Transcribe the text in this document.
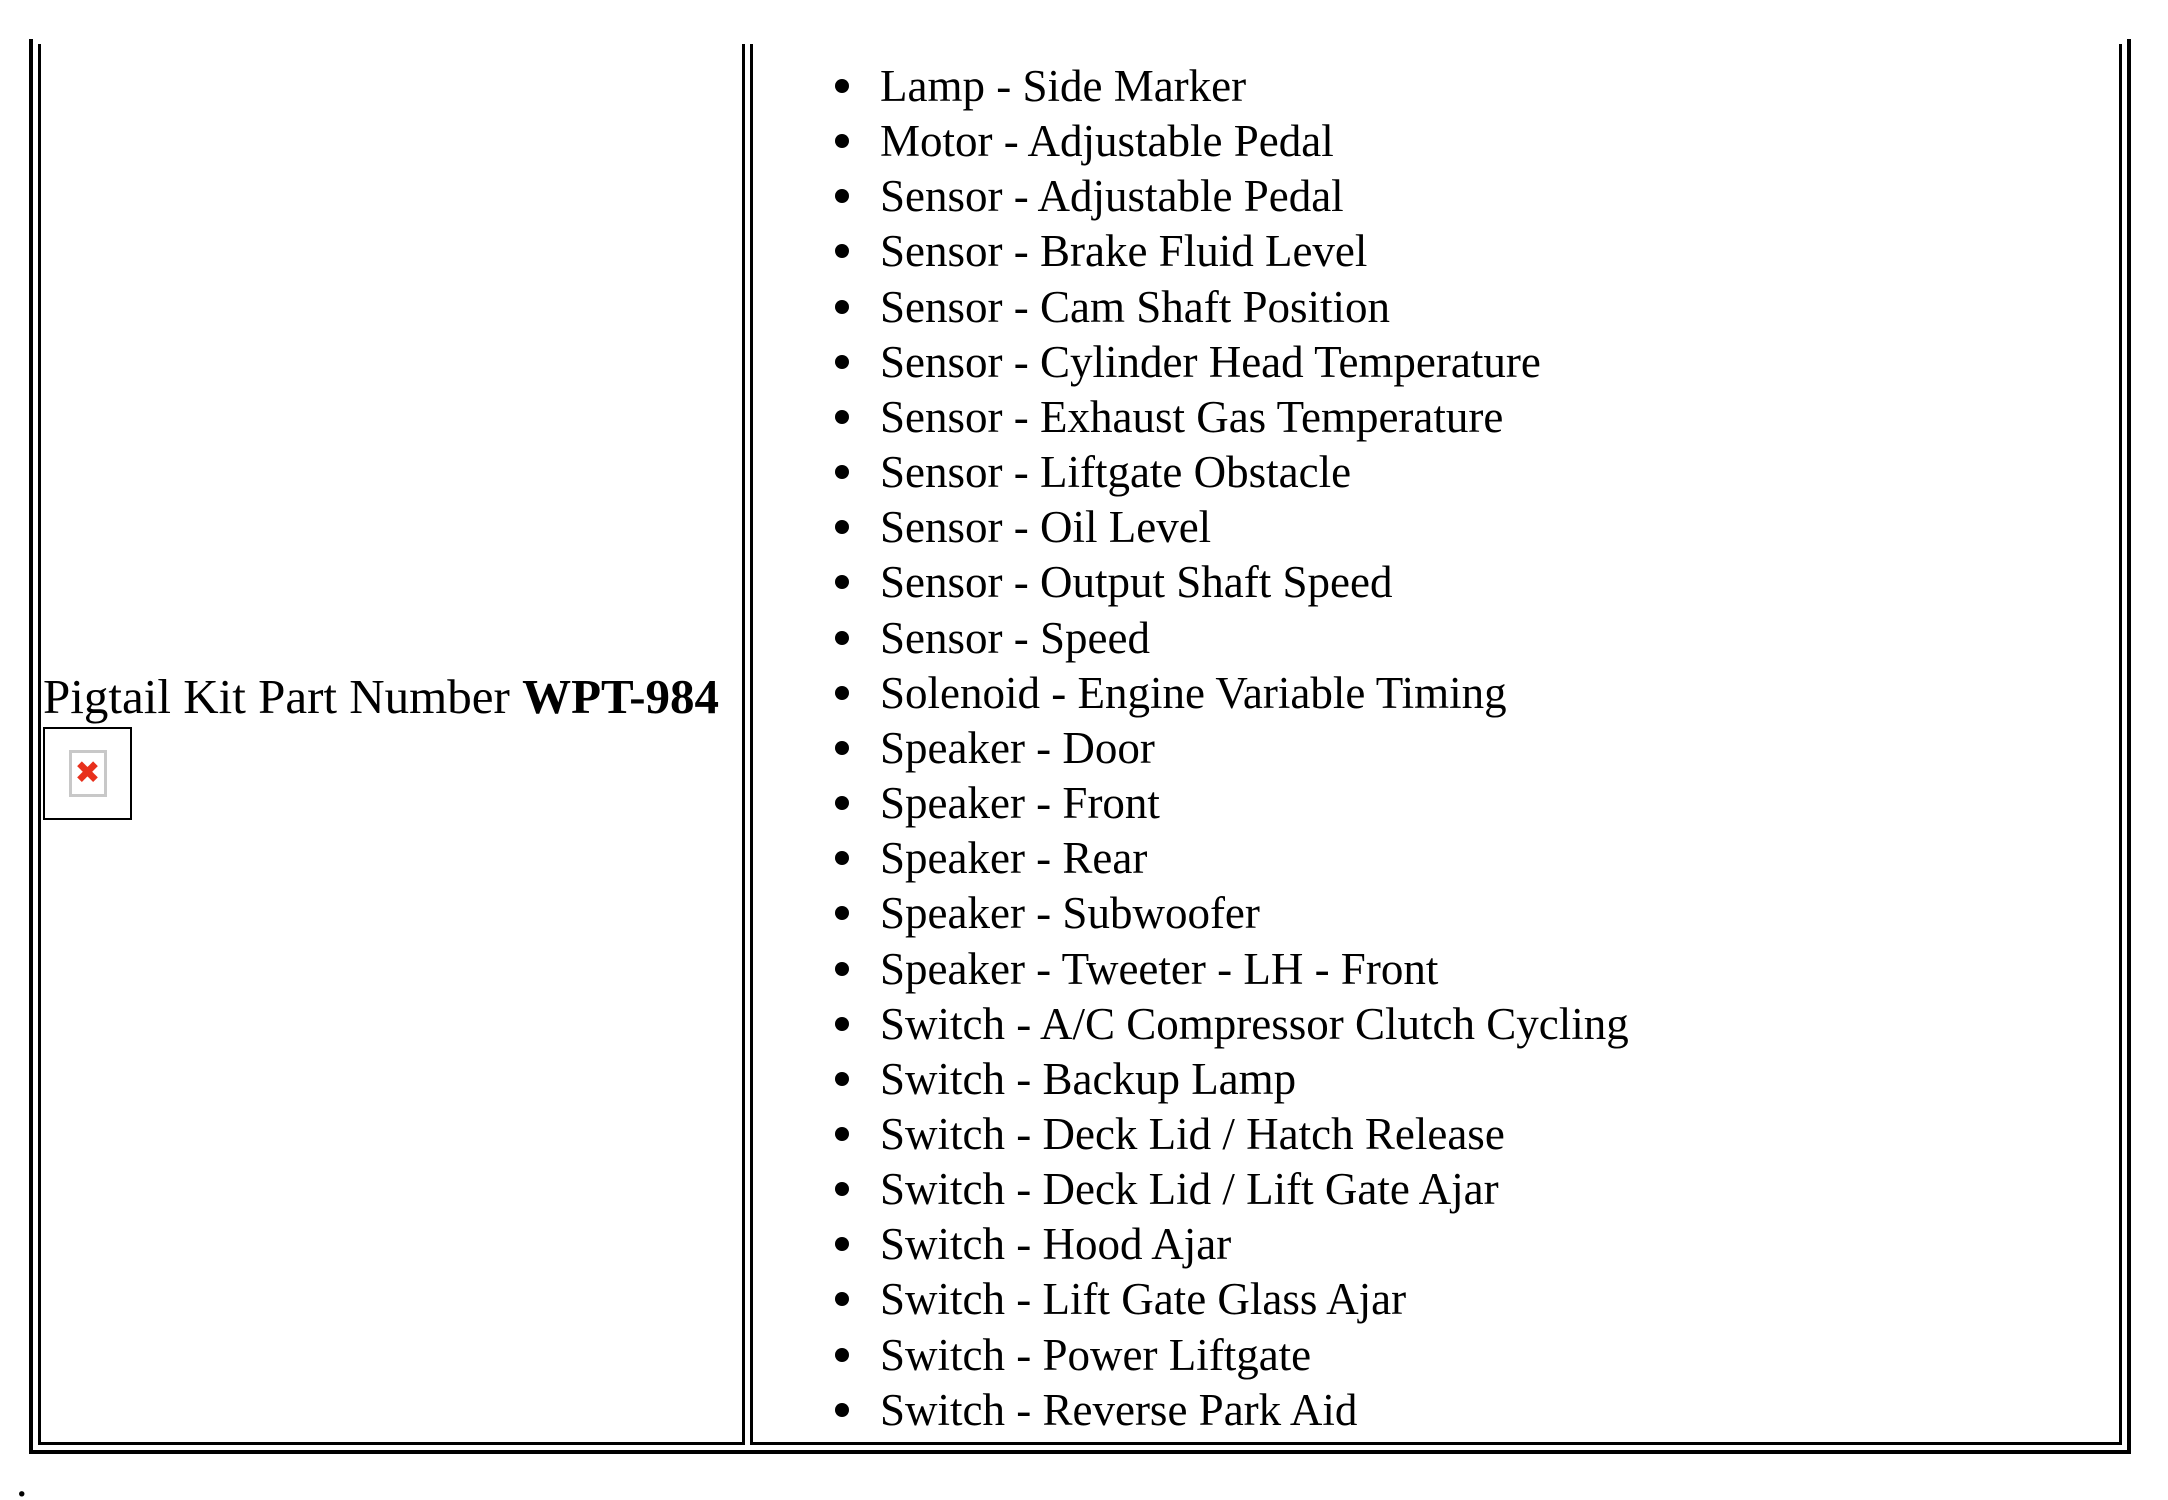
Pigtail Kit Part Number WPT-984
✖

Lamp - Side Marker
Motor - Adjustable Pedal
Sensor - Adjustable Pedal
Sensor - Brake Fluid Level
Sensor - Cam Shaft Position
Sensor - Cylinder Head Temperature
Sensor - Exhaust Gas Temperature
Sensor - Liftgate Obstacle
Sensor - Oil Level
Sensor - Output Shaft Speed
Sensor - Speed
Solenoid - Engine Variable Timing
Speaker - Door
Speaker - Front
Speaker - Rear
Speaker - Subwoofer
Speaker - Tweeter - LH - Front
Switch - A/C Compressor Clutch Cycling
Switch - Backup Lamp
Switch - Deck Lid / Hatch Release
Switch - Deck Lid / Lift Gate Ajar
Switch - Hood Ajar
Switch - Lift Gate Glass Ajar
Switch - Power Liftgate
Switch - Reverse Park Aid
.
